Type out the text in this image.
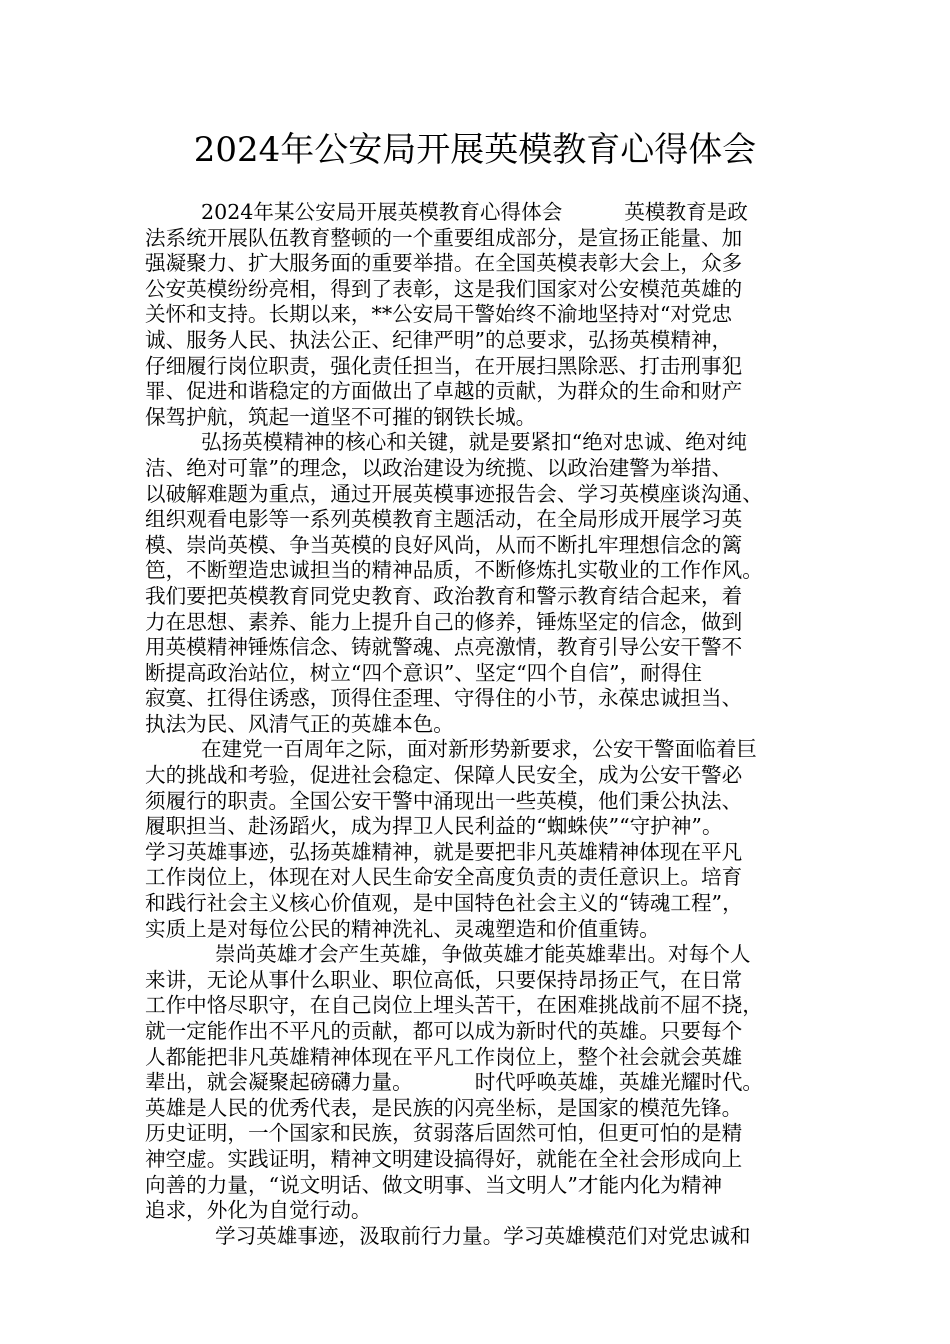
2024年公安局开展英模教育心得体会

2024年某公安局开展英模教育心得体会	英模教育是政

法系统开展队伍教育整顿的一个重要组成部分，是宣扬正能量、加

强凝聚力、扩大服务面的重要举措。在全国英模表彰大会上，众多

公安英模纷纷亮相，得到了表彰，这是我们国家对公安模范英雄的

关怀和支持。长期以来，**公安局干警始终不渝地坚持对“对党忠

诚、服务人民、执法公正、纪律严明”的总要求，弘扬英模精神，

仔细履行岗位职责，强化责任担当，在开展扫黑除恶、打击刑事犯

罪、促进和谐稳定的方面做出了卓越的贡献，为群众的生命和财产

保驾护航，筑起一道坚不可摧的钢铁长城。

弘扬英模精神的核心和关键，就是要紧扣“绝对忠诚、绝对纯

洁、绝对可靠”的理念，以政治建设为统揽、以政治建警为举措、

以破解难题为重点，通过开展英模事迹报告会、学习英模座谈沟通、

组织观看电影等一系列英模教育主题活动，在全局形成开展学习英

模、崇尚英模、争当英模的良好风尚，从而不断扎牢理想信念的篱

笆，不断塑造忠诚担当的精神品质，不断修炼扎实敬业的工作作风。

我们要把英模教育同党史教育、政治教育和警示教育结合起来，着

力在思想、素养、能力上提升自己的修养，锤炼坚定的信念，做到

用英模精神锤炼信念、铸就警魂、点亮激情，教育引导公安干警不

断提高政治站位，树立“四个意识”、坚定“四个自信”，耐得住

寂寞、扛得住诱惑，顶得住歪理、守得住的小节，永葆忠诚担当、

执法为民、风清气正的英雄本色。

在建党一百周年之际，面对新形势新要求，公安干警面临着巨

大的挑战和考验，促进社会稳定、保障人民安全，成为公安干警必

须履行的职责。全国公安干警中涌现出一些英模，他们秉公执法、

履职担当、赴汤蹈火，成为捍卫人民利益的“蜘蛛侠”“守护神”。

学习英雄事迹，弘扬英雄精神，就是要把非凡英雄精神体现在平凡

工作岗位上，体现在对人民生命安全高度负责的责任意识上。培育

和践行社会主义核心价值观，是中国特色社会主义的“铸魂工程”，

实质上是对每位公民的精神洗礼、灵魂塑造和价值重铸。

崇尚英雄才会产生英雄，争做英雄才能英雄辈出。对每个人

来讲，无论从事什么职业、职位高低，只要保持昂扬正气，在日常

工作中恪尽职守，在自己岗位上埋头苦干，在困难挑战前不屈不挠，

就一定能作出不平凡的贡献，都可以成为新时代的英雄。只要每个

人都能把非凡英雄精神体现在平凡工作岗位上，整个社会就会英雄

辈出，就会凝聚起磅礴力量。	时代呼唤英雄，英雄光耀时代。

英雄是人民的优秀代表，是民族的闪亮坐标，是国家的模范先锋。

历史证明，一个国家和民族，贫弱落后固然可怕，但更可怕的是精

神空虚。实践证明，精神文明建设搞得好，就能在全社会形成向上

向善的力量，“说文明话、做文明事、当文明人”才能内化为精神

追求，外化为自觉行动。

学习英雄事迹，汲取前行力量。学习英雄模范们对党忠诚和
